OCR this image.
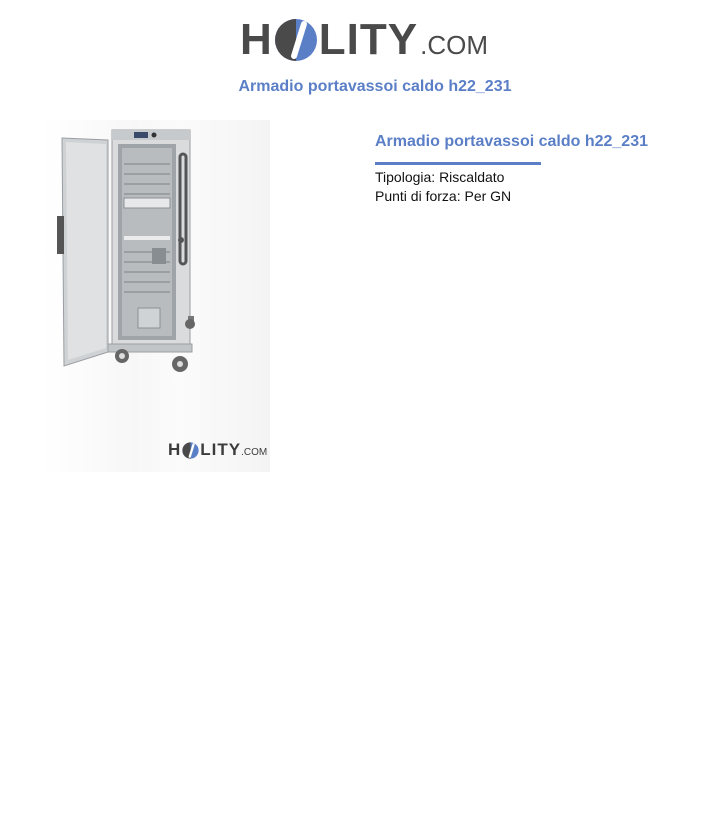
H LITY .COM
Armadio portavassoi caldo h22_231
H LITY .COM
Armadio portavassoi caldo h22_231
Tipologia: Riscaldato
Punti di forza: Per GN
